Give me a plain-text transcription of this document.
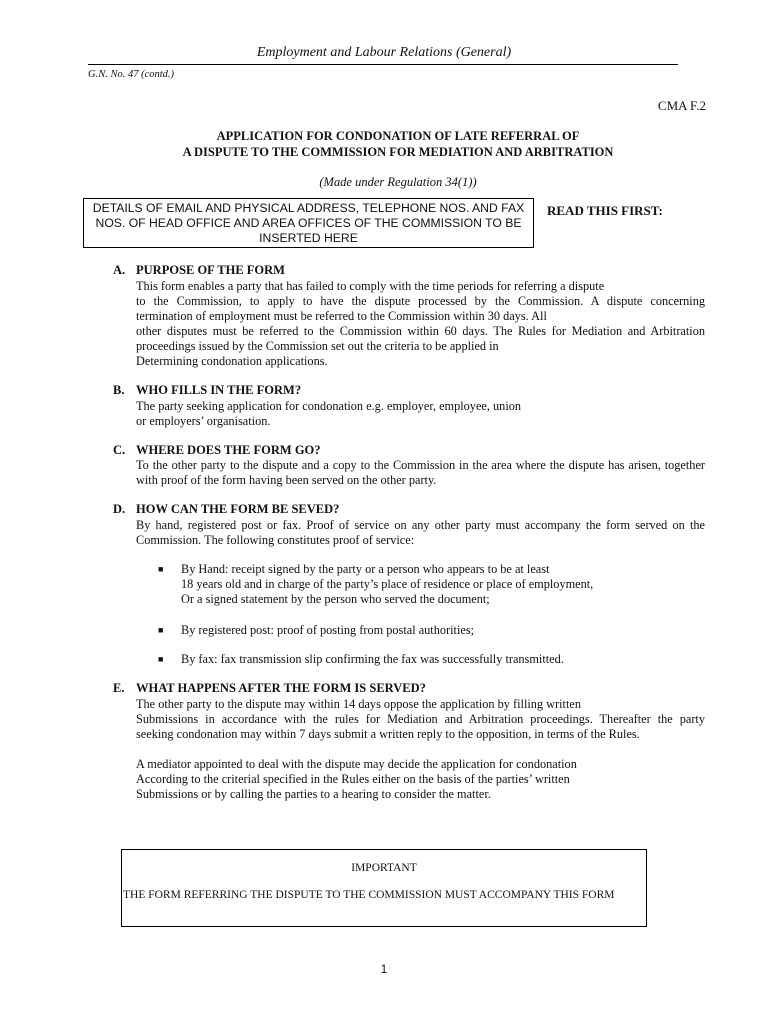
Employment and Labour Relations (General)
G.N. No. 47 (contd.)
CMA F.2
APPLICATION FOR CONDONATION OF LATE REFERRAL OF
A DISPUTE TO THE COMMISSION FOR MEDIATION AND ARBITRATION
(Made under Regulation 34(1))
DETAILS OF EMAIL AND PHYSICAL ADDRESS, TELEPHONE NOS. AND FAX
NOS. OF HEAD OFFICE AND AREA OFFICES OF THE COMMISSION TO BE
INSERTED HERE
READ THIS FIRST:
A. PURPOSE OF THE FORM

This form enables a party that has failed to comply with the time periods for referring a dispute

to the Commission, to apply to have the dispute processed by the Commission. A dispute concerning

termination of employment must be referred to the Commission within 30 days. All

other disputes must be referred to the Commission within 60 days. The Rules for Mediation and Arbitration

proceedings issued by the Commission set out the criteria to be applied in

Determining condonation applications.

B. WHO FILLS IN THE FORM?

The party seeking application for condonation e.g. employer, employee, union

or employers’ organisation.

C. WHERE DOES THE FORM GO?

To the other party to the dispute and a copy to the Commission in the area where the dispute has arisen, together

with proof of the form having been served on the other party.

D. HOW CAN THE FORM BE SEVED?

By hand, registered post or fax. Proof of service on any other party must accompany the form served on the

Commission. The following constitutes proof of service:

■ By Hand: receipt signed by the party or a person who appears to be at least

18 years old and in charge of the party’s place of residence or place of employment,

Or a signed statement by the person who served the document;

■ By registered post: proof of posting from postal authorities;

■ By fax: fax transmission slip confirming the fax was successfully transmitted.

E. WHAT HAPPENS AFTER THE FORM IS SERVED?

The other party to the dispute may within 14 days oppose the application by filling written

Submissions in accordance with the rules for Mediation and Arbitration proceedings. Thereafter the party

seeking condonation may within 7 days submit a written reply to the opposition, in terms of the Rules.

A mediator appointed to deal with the dispute may decide the application for condonation

According to the criterial specified in the Rules either on the basis of the parties’ written

Submissions or by calling the parties to a hearing to consider the matter.

IMPORTANT
THE FORM REFERRING THE DISPUTE TO THE COMMISSION MUST ACCOMPANY THIS FORM
1
